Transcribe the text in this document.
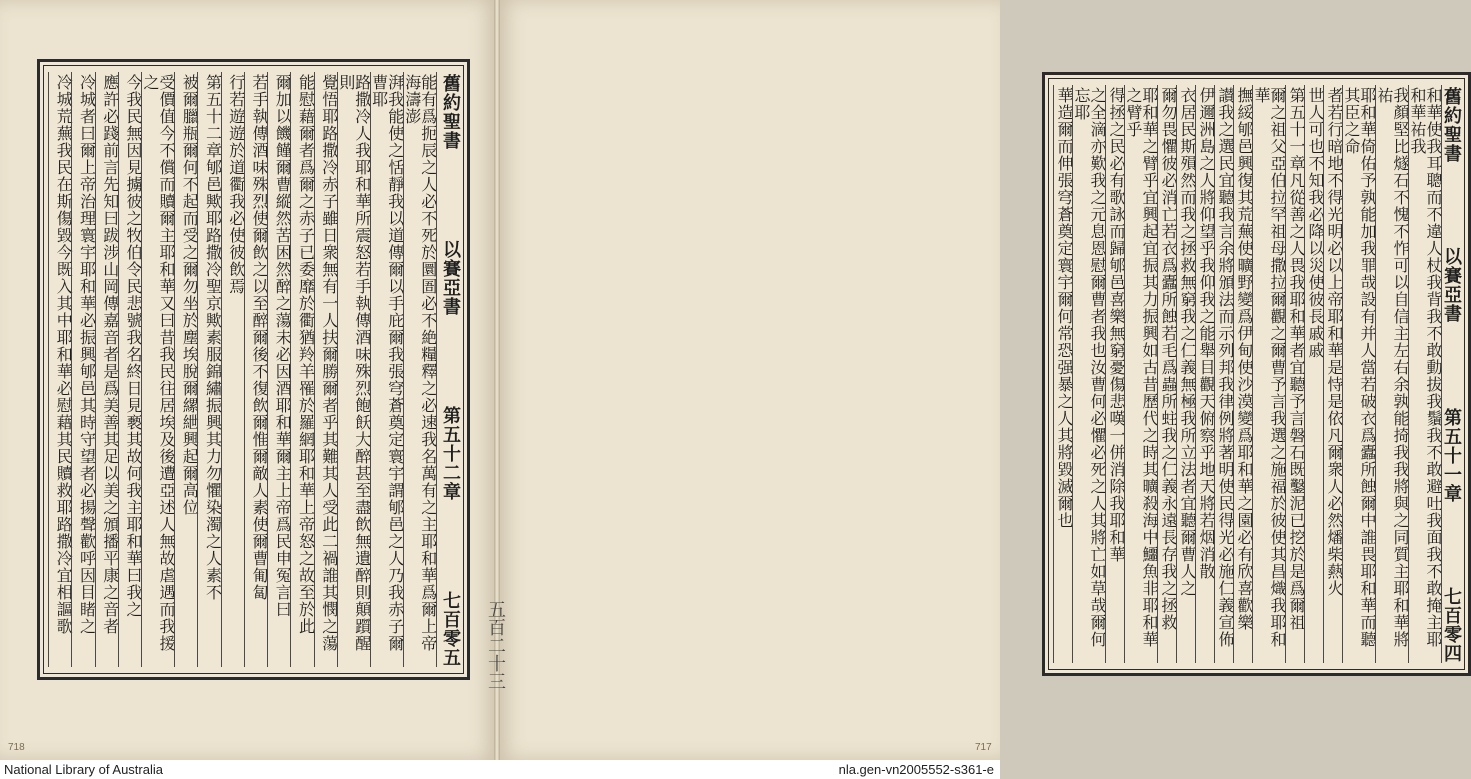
舊約聖書
以賽亞書
第五十二章
七百零五
能有爲扼辰之人必不死於圜圄必不絶糧釋之必速我名萬有之主耶和華爲爾上帝海濤澎
湃我能使之恬靜我以道傳爾以手庇爾我張穹蒼奠定寰宇謂郇邑之人乃我赤子爾曹耶
路撒冷人我耶和華所震怒若手執傳酒味殊烈飽飫大醉甚至盡飲無遺醉則顛躓醒則
覺悟耶路撒冷赤子雖日衆無有一人扶爾勝爾者乎其難其人受此二禍誰其憫之蕩
能慰藉爾者爲爾之赤子已委靡於衢猶羚羊罹於羅網耶和華上帝怒之故至於此
爾加以饑饉爾曹縱然苦困然醉之蕩未必因酒耶和華爾主上帝爲民申冤言曰
若手執傳酒味殊烈使爾飲之以至醉爾後不復飲爾惟爾敵人素使爾曹匍匐
行若遊遊於道衢我必使彼飲焉
第五十二章郇邑歟耶路撒冷聖京歟素服錦繡振興其力勿懼染濁之人素不
被爾臘瓶爾何不起而受之爾勿坐於塵埃脫爾縲紲興起爾高位
受價值今不償而贖爾主耶和華又曰昔我民往居埃及後遭亞述人無故虐遇而我援之
今我民無因見擄彼之牧伯令民悲號我名終日見褻其故何我主耶和華曰我之
應許必踐前言先知曰跋涉山岡傳嘉音者是爲美善其足以美之頒播平康之音者
冷城者曰爾上帝治理寰宇耶和華必振興郇邑其時守望者必揚聲歡呼因目睹之
冷城荒蕪我民在斯傷毀今既入其中耶和華必慰藉其民贖救耶路撒冷宜相謳歌	舊約聖書
以賽亞書
第五十一章
七百零四
和華使我耳聰而不違人杖我背我不敢動拔我鬚我不敢避吐我面我不敢掩主耶和華祐我
我顏堅比燧石不愧不怍可以自信主左右余孰能掎我我將與之同質主耶和華將祐
耶和華倚佑予孰能加我罪哉設有并人當若破衣爲蠹所蝕爾中誰畏耶和華而聽其臣之命
者若行暗地不得光明必以上帝耶和華是恃是依凡爾衆人必然燔柴爇火
世人可也不知我必降以災使彼長戚戚
第五十一章凡從善之人畏我耶和華者宜聽予言磐石既鑿泥已挖於是爲爾祖
爾之祖父亞伯拉罕祖母撒拉爾觀之爾曹予言我選之施福於彼使其昌熾我耶和華
撫綏郇邑興復其荒蕪使曠野變爲伊甸使沙漠變爲耶和華之園必有欣喜歡樂
讃我之選民宜聽我言余將頒法而示列邦我律例將著明使民得光必施仁義宣佈
伊邇洲島之人將仰望乎我仰我之能舉目觀天俯察乎地天將若烟消散
衣居民斯殞然而我之拯救無窮我之仁義無極我所立法者宜聽爾曹人之
爾勿畏懼彼必消亡若衣爲蠹所蝕若毛爲蟲所蛀我之仁義永遠長存我之拯救
耶和華之臂乎宜興起宜振其力振興如古昔歷代之時其曠殺海中鱷魚非耶和華之臂乎
得拯之民必有歌詠而歸郇邑喜樂無窮憂傷悲嘆一併消除我耶和華
之全滴亦歎我之元息恩慰爾曹者我也汝曹何必懼必死之人其將亡如草哉爾何忘耶
華造爾而伸張穹蒼奠定寰宇爾何常恐强暴之人其將毀滅爾也
五百二十三
718	717
National Library of Australia	nla.gen-vn2005552-s361-e
